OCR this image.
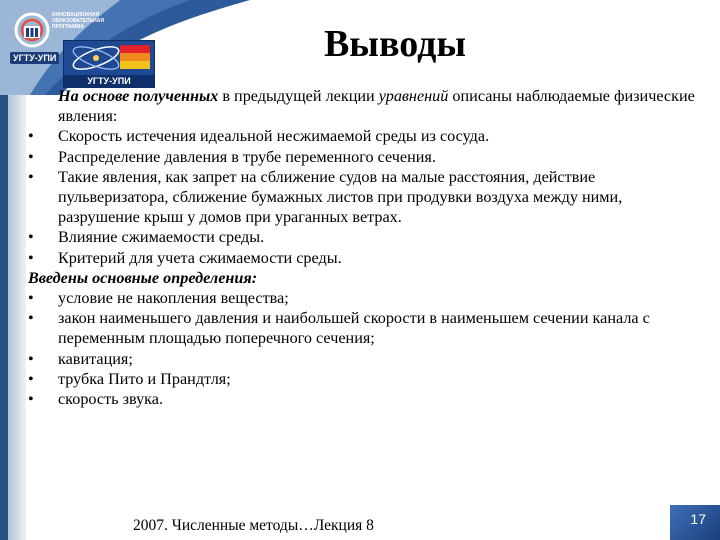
ИННОВАЦИОННАЯ
ОБРАЗОВАТЕЛЬНАЯ
ПРОГРАММА
УГТУ-УПИ
УГТУ-УПИ
Выводы
На основе полученных в предыдущей лекции уравнений описаны наблюдаемые физические явления:
•	Скорость истечения идеальной несжимаемой среды из сосуда.
•	Распределение давления в трубе переменного сечения.
•	Такие явления, как запрет на сближение судов на малые расстояния, действие пульверизатора, сближение бумажных листов при продувки воздуха между ними, разрушение крыш у домов при ураганных ветрах.
•	Влияние сжимаемости среды.
•	Критерий для учета сжимаемости среды.
Введены основные определения:
•	условие не накопления вещества;
•	закон наименьшего давления и наибольшей скорости в наименьшем сечении канала с переменным площадью поперечного сечения;
•	кавитация;
•	трубка Пито и Прандтля;
•	скорость звука.
2007. Численные методы…Лекция 8	17
